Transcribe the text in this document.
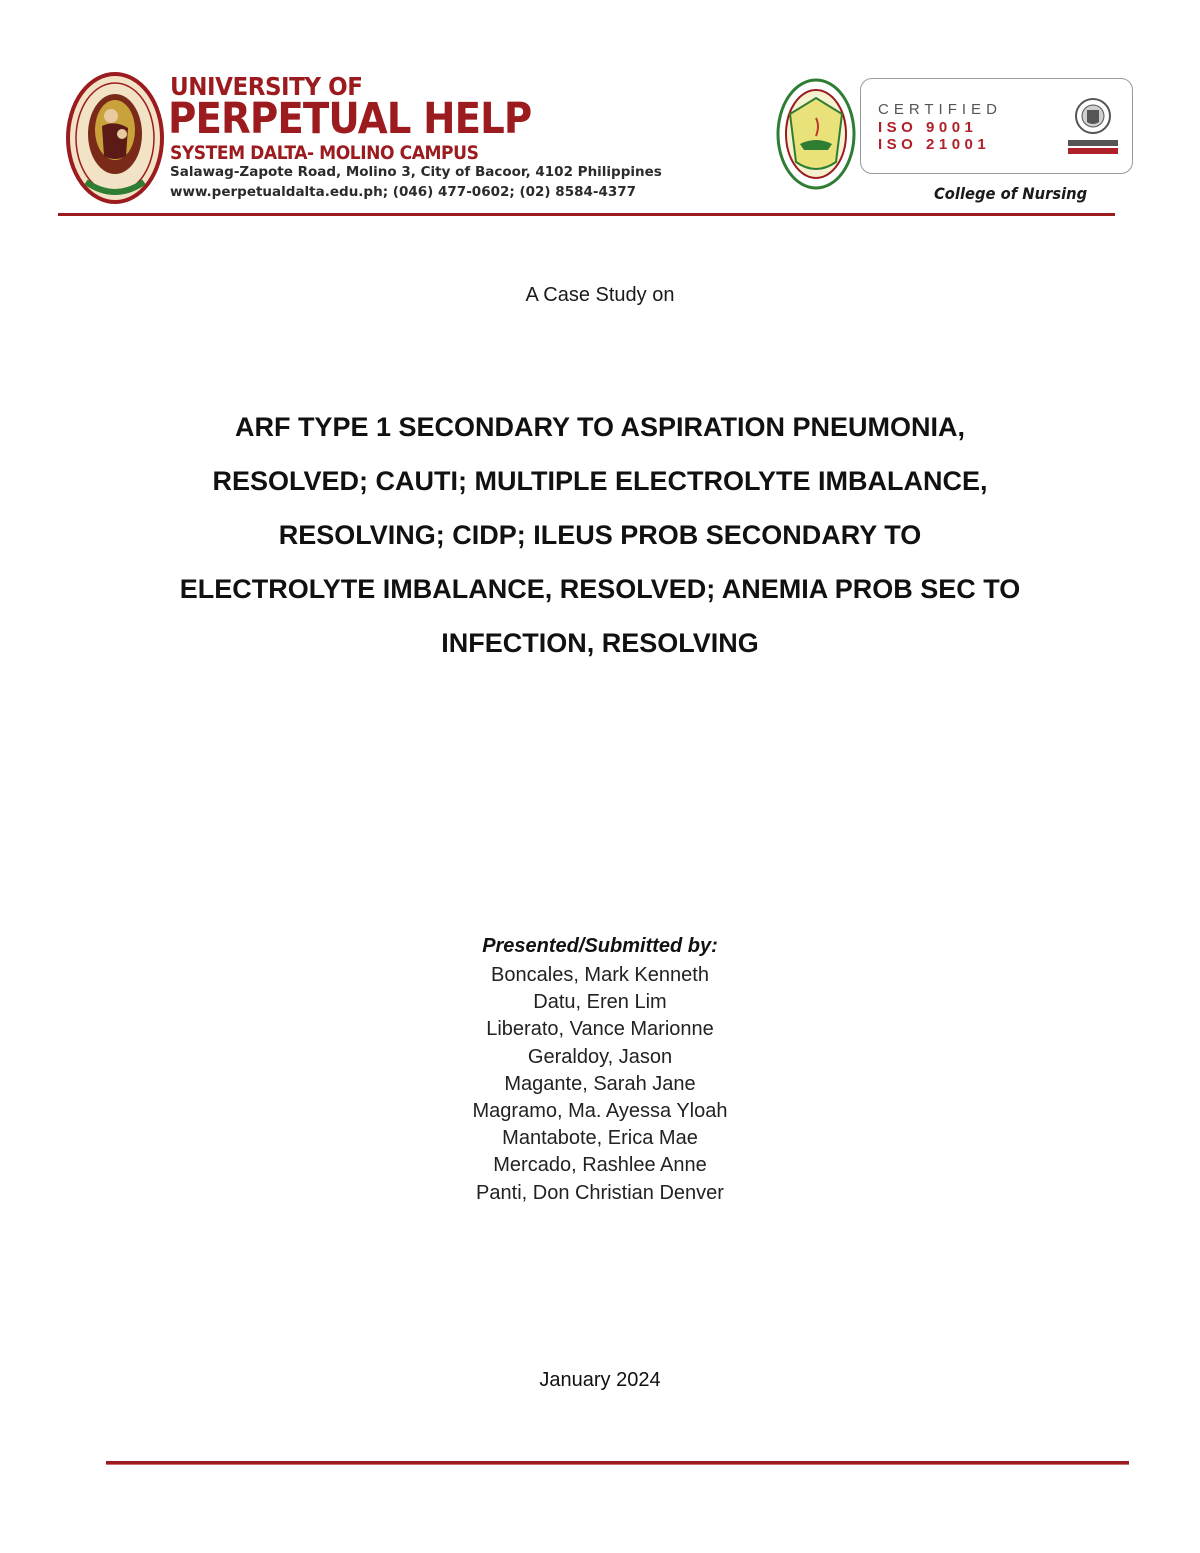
UNIVERSITY OF
PERPETUAL HELP
SYSTEM DALTA- MOLINO CAMPUS
Salawag-Zapote Road, Molino 3, City of Bacoor, 4102 Philippines
www.perpetualdalta.edu.ph; (046) 477-0602; (02) 8584-4377
CERTIFIED
ISO 9001
ISO 21001
College of Nursing
A Case Study on
ARF TYPE 1 SECONDARY TO ASPIRATION PNEUMONIA,
RESOLVED; CAUTI; MULTIPLE ELECTROLYTE IMBALANCE,
RESOLVING; CIDP; ILEUS PROB SECONDARY TO
ELECTROLYTE IMBALANCE, RESOLVED; ANEMIA PROB SEC TO
INFECTION, RESOLVING
Presented/Submitted by:
Boncales, Mark Kenneth
Datu, Eren Lim
Liberato, Vance Marionne
Geraldoy, Jason
Magante, Sarah Jane
Magramo, Ma. Ayessa Yloah
Mantabote, Erica Mae
Mercado, Rashlee Anne
Panti, Don Christian Denver
January 2024
